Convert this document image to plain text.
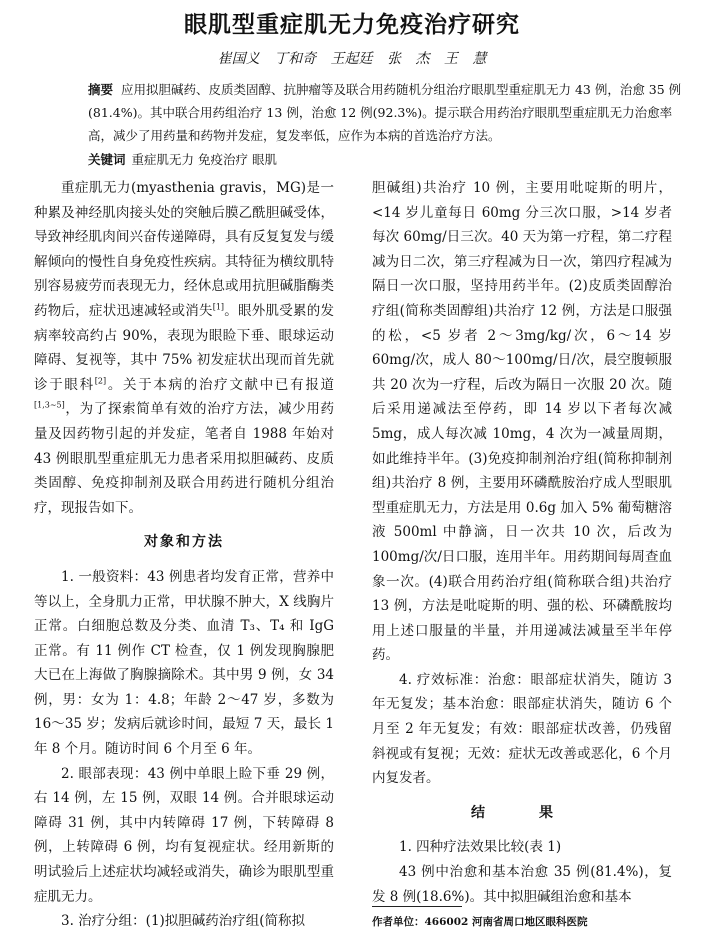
眼肌型重症肌无力免疫治疗研究
崔国义 丁和奇 王起廷 张 杰 王 慧
摘要 应用拟胆碱药、皮质类固醇、抗肿瘤等及联合用药随机分组治疗眼肌型重症肌无力 43 例，治愈 35 例(81.4%)。其中联合用药组治疗 13 例，治愈 12 例(92.3%)。提示联合用药治疗眼肌型重症肌无力治愈率高，减少了用药量和药物并发症，复发率低，应作为本病的首选治疗方法。
关键词 重症肌无力 免疫治疗 眼肌

重症肌无力(myasthenia gravis，MG)是一种累及神经肌肉接头处的突触后膜乙酰胆碱受体，导致神经肌肉间兴奋传递障碍，具有反复复发与缓解倾向的慢性自身免疫性疾病。其特征为横纹肌特别容易疲劳而表现无力，经休息或用抗胆碱脂酶类药物后，症状迅速减轻或消失[1]。眼外肌受累的发病率较高约占 90%，表现为眼睑下垂、眼球运动障碍、复视等，其中 75% 初发症状出现而首先就诊于眼科[2]。关于本病的治疗文献中已有报道[1,3~5]，为了探索简单有效的治疗方法，减少用药量及因药物引起的并发症，笔者自 1988 年始对 43 例眼肌型重症肌无力患者采用拟胆碱药、皮质类固醇、免疫抑制剂及联合用药进行随机分组治疗，现报告如下。

对象和方法

1. 一般资料：43 例患者均发育正常，营养中等以上，全身肌力正常，甲状腺不肿大，X 线胸片正常。白细胞总数及分类、血清 T₃、T₄ 和 IgG 正常。有 11 例作 CT 检查，仅 1 例发现胸腺肥大已在上海做了胸腺摘除术。其中男 9 例，女 34 例，男：女为 1：4.8；年龄 2～47 岁，多数为 16～35 岁；发病后就诊时间，最短 7 天，最长 1 年 8 个月。随访时间 6 个月至 6 年。

2. 眼部表现：43 例中单眼上睑下垂 29 例，右 14 例，左 15 例，双眼 14 例。合并眼球运动障碍 31 例，其中内转障碍 17 例，下转障碍 8 例，上转障碍 6 例，均有复视症状。经用新斯的明试验后上述症状均减轻或消失，确诊为眼肌型重症肌无力。

3. 治疗分组：(1)拟胆碱药治疗组(简称拟

胆碱组)共治疗 10 例，主要用吡啶斯的明片，<14 岁儿童每日 60mg 分三次口服，>14 岁者每次 60mg/日三次。40 天为第一疗程，第二疗程减为日二次，第三疗程减为日一次，第四疗程减为隔日一次口服，坚持用药半年。(2)皮质类固醇治疗组(简称类固醇组)共治疗 12 例，方法是口服强的松，<5 岁者 2～3mg/kg/次，6～14 岁 60mg/次，成人 80～100mg/日/次，晨空腹顿服共 20 次为一疗程，后改为隔日一次服 20 次。随后采用递减法至停药，即 14 岁以下者每次减 5mg，成人每次减 10mg，4 次为一减量周期，如此维持半年。(3)免疫抑制剂治疗组(简称抑制剂组)共治疗 8 例，主要用环磷酰胺治疗成人型眼肌型重症肌无力，方法是用 0.6g 加入 5% 葡萄糖溶液 500ml 中静滴，日一次共 10 次，后改为 100mg/次/日口服，连用半年。用药期间每周查血象一次。(4)联合用药治疗组(简称联合组)共治疗 13 例，方法是吡啶斯的明、强的松、环磷酰胺均用上述口服量的半量，并用递减法减量至半年停药。

4. 疗效标准：治愈：眼部症状消失，随访 3 年无复发；基本治愈：眼部症状消失，随访 6 个月至 2 年无复发；有效：眼部症状改善，仍残留斜视或有复视；无效：症状无改善或恶化，6 个月内复发者。

结　果

1. 四种疗法效果比较(表 1)

43 例中治愈和基本治愈 35 例(81.4%)，复发 8 例(18.6%)。其中拟胆碱组治愈和基本

作者单位：466002 河南省周口地区眼科医院
